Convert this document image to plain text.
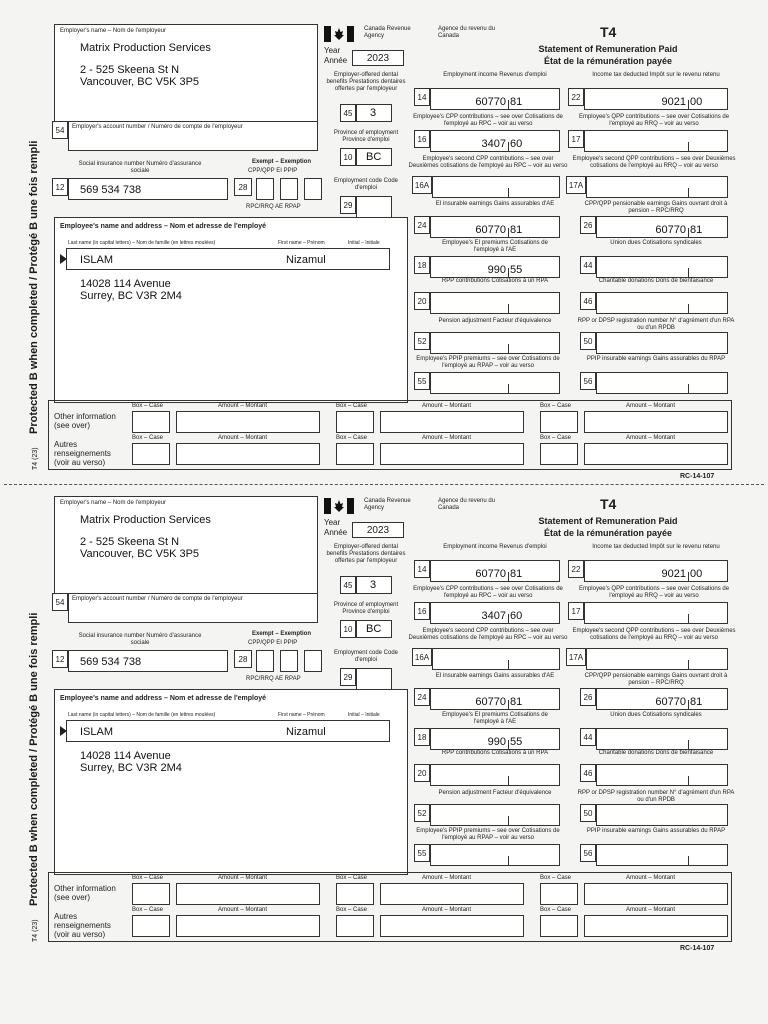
Protected B when completed / Protégé B une fois rempli
T4 (23)
Employer's name – Nom de l'employeur
Matrix Production Services
2 - 525 Skeena St N
Vancouver, BC V5K 3P5
54	Employer's account number / Numéro de compte de l'employeur
Social insurance number Numéro d'assurance sociale
12	569 534 738
Exempt – Exemption
CPP/QPP EI PPIP
28
RPC/RRQ AE RPAP
Employee's name and address – Nom et adresse de l'employé
Last name (in capital letters) – Nom de famille (en lettres moulées)	First name – Prénom	Initial – Initiale
ISLAM	Nizamul
14028 114 Avenue
Surrey, BC V3R 2M4
Canada Revenue Agency
Agence du revenu du Canada	T4
Statement of Remuneration Paid
État de la rémunération payée
Year Année	2023
Employer-offered dental benefits Prestations dentaires offertes par l'employeur
45	3
Province of employment Province d'emploi
10	BC
Employment code Code d'emploi
29
Employment income Revenus d'emploi
14	60770 81
Income tax deducted Impôt sur le revenu retenu
22	9021 00
Employee's CPP contributions – see over Cotisations de l'employé au RPC – voir au verso
16	3407 60
Employee's QPP contributions – see over Cotisations de l'employé au RRQ – voir au verso
17
Employee's second CPP contributions – see over Deuxièmes cotisations de l'employé au RPC – voir au verso
16A
Employee's second QPP contributions – see over Deuxièmes cotisations de l'employé au RRQ – voir au verso
17A
EI insurable earnings Gains assurables d'AE
24	60770 81
CPP/QPP pensionable earnings Gains ouvrant droit à pension – RPC/RRQ
26	60770 81
Employee's EI premiums Cotisations de l'employé à l'AE
18	990 55
Union dues Cotisations syndicales
44
RPP contributions Cotisations à un RPA
20
Charitable donations Dons de bienfaisance
46
Pension adjustment Facteur d'équivalence
52
RPP or DPSP registration number N° d'agrément d'un RPA ou d'un RPDB
50
Employee's PPIP premiums – see over Cotisations de l'employé au RPAP – voir au verso
55
PPIP insurable earnings Gains assurables du RPAP
56
Other information (see over)
Autres renseignements (voir au verso)
Box – Case	Amount – Montant	Box – Case	Amount – Montant	Box – Case	Amount – Montant
Box – Case	Amount – Montant	Box – Case	Amount – Montant	Box – Case	Amount – Montant
RC-14-107
Protected B when completed / Protégé B une fois rempli
T4 (23)
Employer's name – Nom de l'employeur
Matrix Production Services
2 - 525 Skeena St N
Vancouver, BC V5K 3P5
54	Employer's account number / Numéro de compte de l'employeur
Social insurance number Numéro d'assurance sociale
12	569 534 738
Exempt – Exemption
CPP/QPP EI PPIP
28
RPC/RRQ AE RPAP
Employee's name and address – Nom et adresse de l'employé
Last name (in capital letters) – Nom de famille (en lettres moulées)	First name – Prénom	Initial – Initiale
ISLAM	Nizamul
14028 114 Avenue
Surrey, BC V3R 2M4
Canada Revenue Agency
Agence du revenu du Canada	T4
Statement of Remuneration Paid
État de la rémunération payée
Year Année	2023
Employer-offered dental benefits Prestations dentaires offertes par l'employeur
45	3
Province of employment Province d'emploi
10	BC
Employment code Code d'emploi
29
Employment income Revenus d'emploi
14	60770 81
Income tax deducted Impôt sur le revenu retenu
22	9021 00
Employee's CPP contributions – see over Cotisations de l'employé au RPC – voir au verso
16	3407 60
Employee's QPP contributions – see over Cotisations de l'employé au RRQ – voir au verso
17
Employee's second CPP contributions – see over Deuxièmes cotisations de l'employé au RPC – voir au verso
16A
Employee's second QPP contributions – see over Deuxièmes cotisations de l'employé au RRQ – voir au verso
17A
EI insurable earnings Gains assurables d'AE
24	60770 81
CPP/QPP pensionable earnings Gains ouvrant droit à pension – RPC/RRQ
26	60770 81
Employee's EI premiums Cotisations de l'employé à l'AE
18	990 55
Union dues Cotisations syndicales
44
RPP contributions Cotisations à un RPA
20
Charitable donations Dons de bienfaisance
46
Pension adjustment Facteur d'équivalence
52
RPP or DPSP registration number N° d'agrément d'un RPA ou d'un RPDB
50
Employee's PPIP premiums – see over Cotisations de l'employé au RPAP – voir au verso
55
PPIP insurable earnings Gains assurables du RPAP
56
Other information (see over)
Autres renseignements (voir au verso)
Box – Case	Amount – Montant	Box – Case	Amount – Montant	Box – Case	Amount – Montant
Box – Case	Amount – Montant	Box – Case	Amount – Montant	Box – Case	Amount – Montant
RC-14-107
